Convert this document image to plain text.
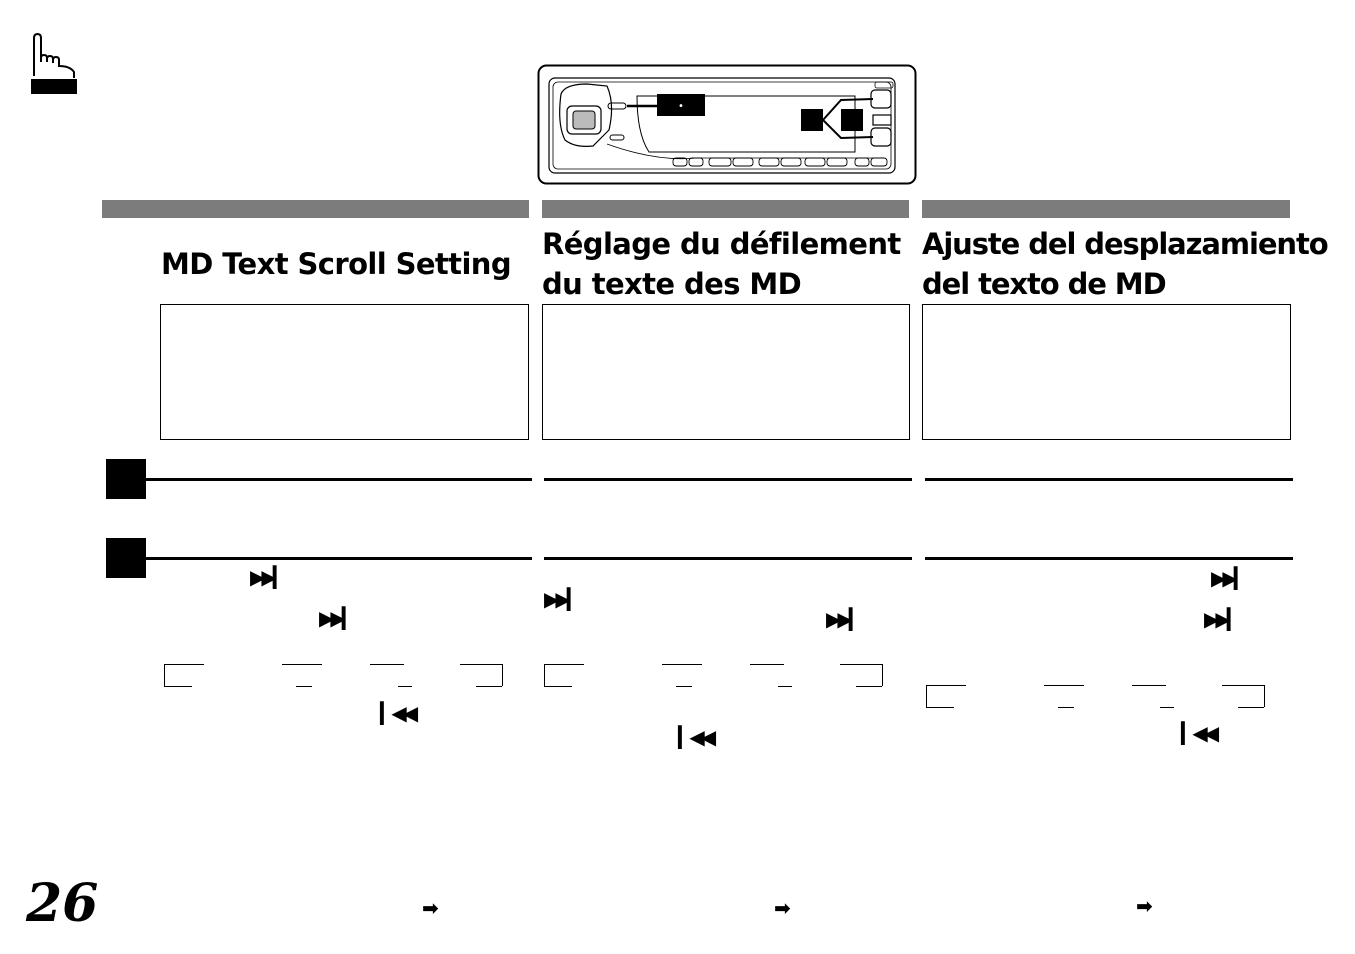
•
MD Text Scroll Setting
Réglage du défilement
du texte des MD
Ajuste del desplazamiento
del texto de MD
▶▶▎
▶▶▎
▎◀◀
▶▶▎
▶▶▎
▎◀◀
▶▶▎
▶▶▎
▎◀◀
➡	➡	➡
26
